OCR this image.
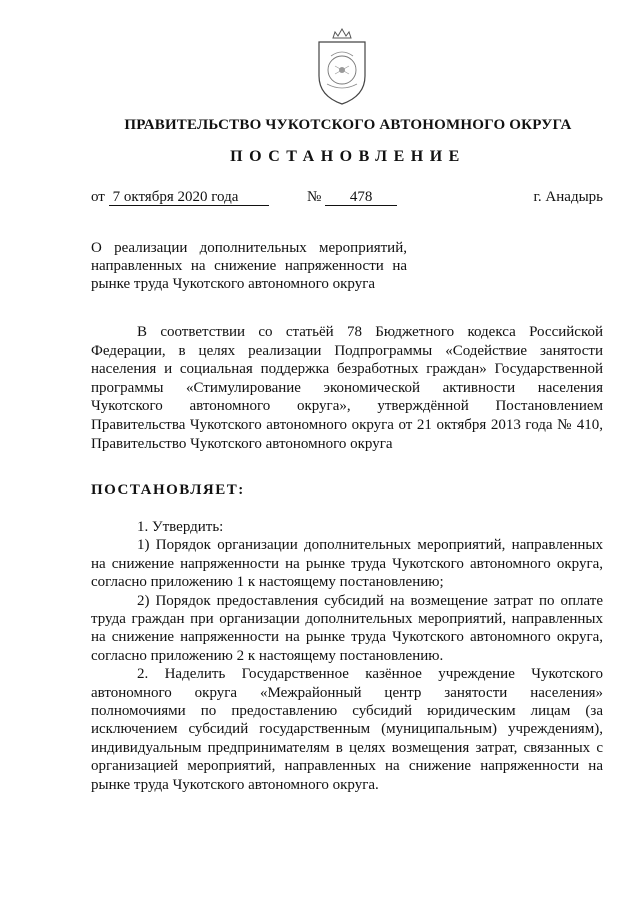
ПРАВИТЕЛЬСТВО ЧУКОТСКОГО АВТОНОМНОГО ОКРУГА
ПОСТАНОВЛЕНИЕ
от 7 октября 2020 года	№ 478	г. Анадырь
О реализации дополнительных мероприятий, направленных на снижение напряженности на рынке труда Чукотского автономного округа

В соответствии со статьёй 78 Бюджетного кодекса Российской Федерации, в целях реализации Подпрограммы «Содействие занятости населения и социальная поддержка безработных граждан» Государственной программы «Стимулирование экономической активности населения Чукотского автономного округа», утверждённой Постановлением Правительства Чукотского автономного округа от 21 октября 2013 года № 410, Правительство Чукотского автономного округа

ПОСТАНОВЛЯЕТ:

1. Утвердить:

1) Порядок организации дополнительных мероприятий, направленных на снижение напряженности на рынке труда Чукотского автономного округа, согласно приложению 1 к настоящему постановлению;

2) Порядок предоставления субсидий на возмещение затрат по оплате труда граждан при организации дополнительных мероприятий, направленных на снижение напряженности на рынке труда Чукотского автономного округа, согласно приложению 2 к настоящему постановлению.

2. Наделить Государственное казённое учреждение Чукотского автономного округа «Межрайонный центр занятости населения» полномочиями по предоставлению субсидий юридическим лицам (за исключением субсидий государственным (муниципальным) учреждениям), индивидуальным предпринимателям в целях возмещения затрат, связанных с организацией мероприятий, направленных на снижение напряженности на рынке труда Чукотского автономного округа.
